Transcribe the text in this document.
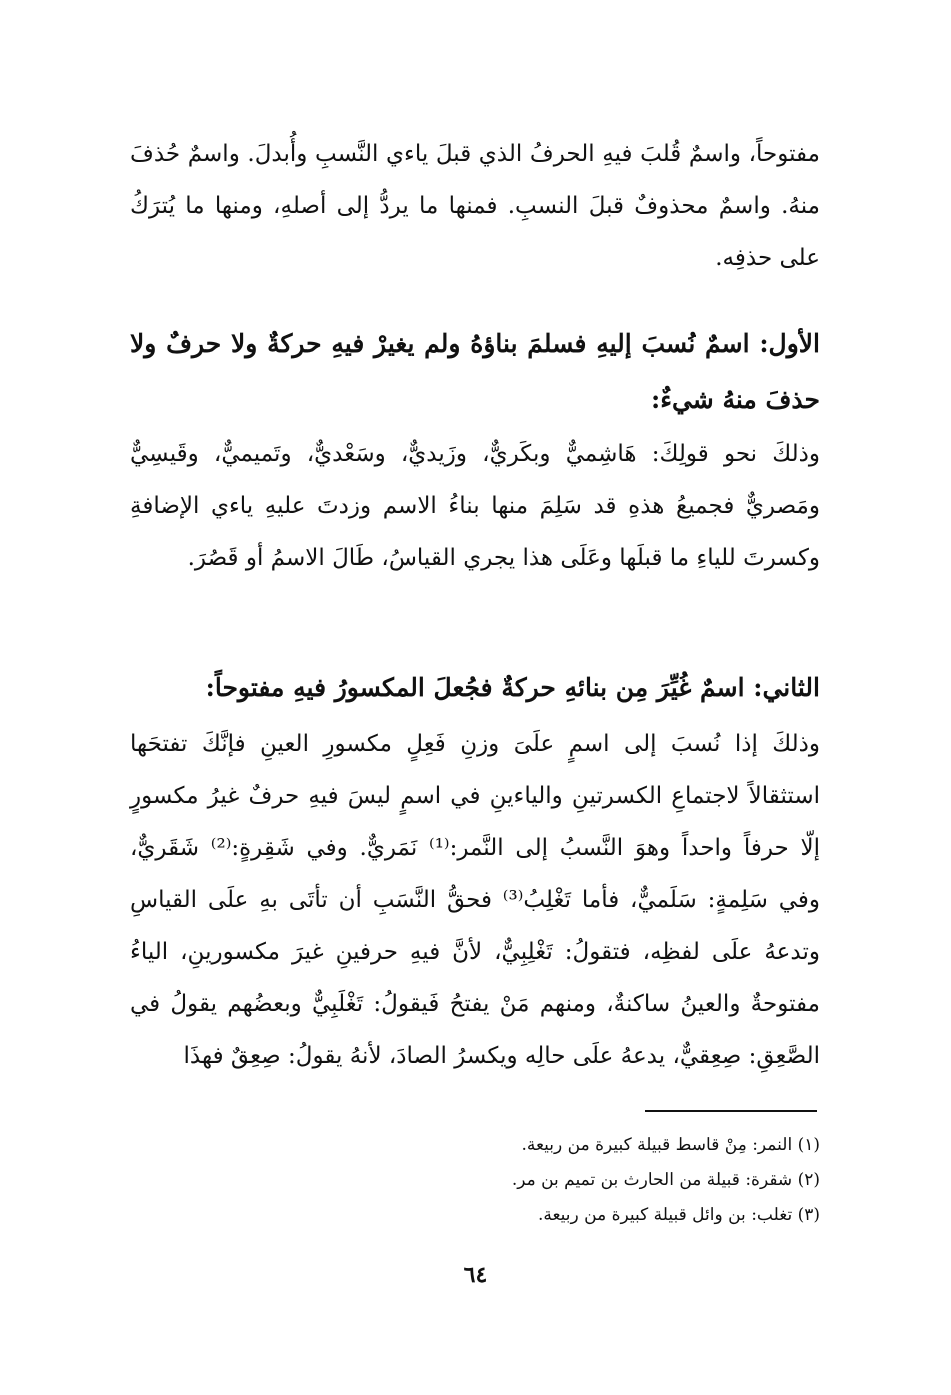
مفتوحاً، واسمٌ قُلبَ فيهِ الحرفُ الذي قبلَ ياءي النَّسبِ وأُبدلَ. واسمٌ حُذفَ منهُ. واسمٌ محذوفٌ قبلَ النسبِ. فمنها ما يردُّ إلى أصلهِ، ومنها ما يُترَكُ على حذفِه.
الأول: اسمٌ نُسبَ إليهِ فسلمَ بناؤهُ ولم يغيرْ فيهِ حركةٌ ولا حرفٌ ولا حذفَ منهُ شيءٌ:
وذلكَ نحو قولِكَ: هَاشِميٌّ وبكَريٌّ، وزَيديٌّ، وسَعْديٌّ، وتَميميٌّ، وقَيسِيٌّ ومَصريٌّ فجميعُ هذهِ قد سَلِمَ منها بناءُ الاسم وزدتَ عليهِ ياءي الإضافةِ وكسرتَ للياءِ ما قبلَها وعَلَى هذا يجري القياسُ، طَالَ الاسمُ أو قَصُرَ.
الثاني: اسمٌ غُيِّرَ مِن بنائهِ حركةٌ فجُعلَ المكسورُ فيهِ مفتوحاً:
وذلكَ إذا نُسبَ إلى اسمٍ علَىَ وزنِ فَعِلٍ مكسورِ العينِ فإنَّكَ تفتحَها استثقالاً لاجتماعِ الكسرتينِ والياءينِ في اسمٍ ليسَ فيهِ حرفٌ غيرُ مكسورٍ إلّا حرفاً واحداً وهوَ النَّسبُ إلى النَّمر:⁽¹⁾ نَمَريٌّ. وفي شَقِرةٍ:⁽²⁾ شَقَريٌّ، وفي سَلِمةٍ: سَلَميٌّ، فأما تَغْلِبُ⁽³⁾ فحقُّ النَّسَبِ أن تأتَى بهِ علَى القياسِ وتدعهُ علَى لفظِه، فتقولُ: تَغْلِبِيٌّ، لأنَّ فيهِ حرفينِ غيرَ مكسورينِ، الياءُ مفتوحةٌ والعينُ ساكنةٌ، ومنهم مَنْ يفتحُ فَيقولُ: تَغْلَبِيٌّ وبعضُهم يقولُ في الصَّعِقِ: صِعِقيٌّ، يدعهُ علَى حالِه ويكسرُ الصادَ، لأنهُ يقولُ: صِعِقٌ فهذَا
(١) النمر: مِنْ قاسط قبيلة كبيرة من ربيعة.
(٢) شقرة: قبيلة من الحارث بن تميم بن مر.
(٣) تغلب: بن وائل قبيلة كبيرة من ربيعة.
٦٤
